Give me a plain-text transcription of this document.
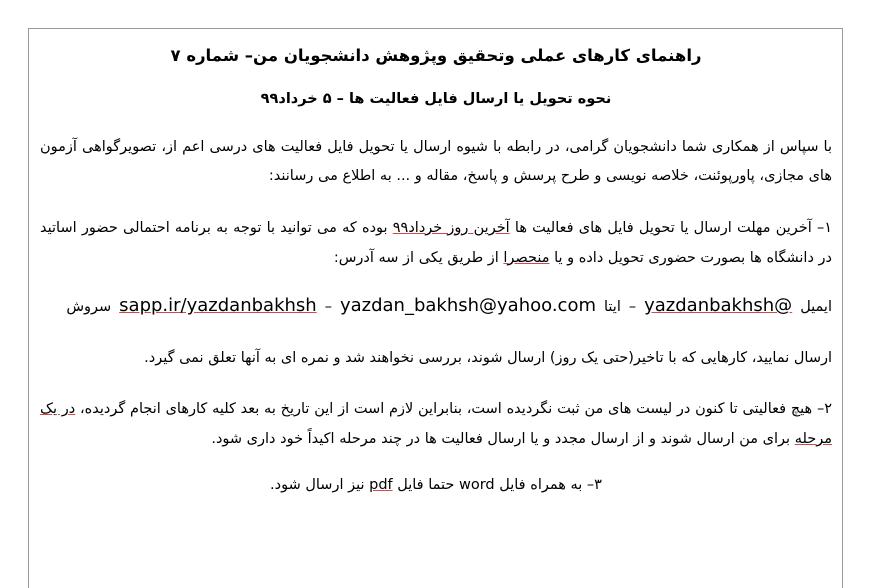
راهنمای کارهای عملی وتحقیق وپژوهش دانشجویان من– شماره ۷
نحوه تحویل یا ارسال فایل فعالیت ها – ۵ خرداد۹۹

با سپاس از همکاری شما دانشجویان گرامی، در رابطه با شیوه ارسال یا تحویل فایل فعالیت های درسی اعم از، تصویرگواهی آزمون های مجازی، پاورپوئنت، خلاصه نویسی و طرح پرسش و پاسخ، مقاله و ... به اطلاع می رسانند:

۱– آخرین مهلت ارسال یا تحویل فایل های فعالیت ها آخرین روز خرداد۹۹ بوده که می توانید با توجه به برنامه احتمالی حضور اساتید در دانشگاه ها بصورت حضوری تحویل داده و یا منحصرا از طریق یکی از سه آدرس:

ایمیلyazdanbakhsh@–ایتاsapp.ir/yazdanbakhsh – yazdan_bakhsh@yahoo.comسروش

ارسال نمایید، کارهایی که با تاخیر(حتی یک روز) ارسال شوند، بررسی نخواهند شد و نمره ای به آنها تعلق نمی گیرد.

۲– هیچ فعالیتی تا کنون در لیست های من ثبت نگردیده است، بنابراین لازم است از این تاریخ به بعد کلیه کارهای انجام گردیده، در یک مرحله برای من ارسال شوند و از ارسال مجدد و یا ارسال فعالیت ها در چند مرحله اکیداً خود داری شود.

۳– به همراه فایل word حتما فایل pdf نیز ارسال شود.
